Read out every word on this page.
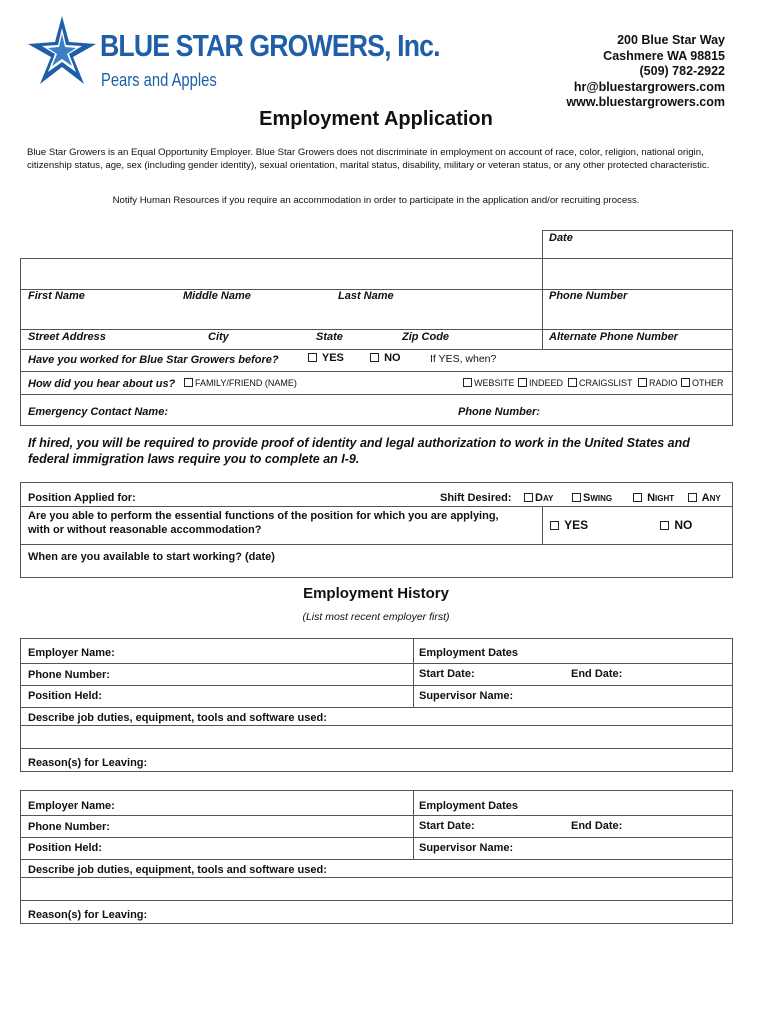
BLUE STAR GROWERS, Inc.
Pears and Apples
200 Blue Star Way
Cashmere WA 98815
(509) 782-2922
hr@bluestargrowers.com
www.bluestargrowers.com
Employment Application
Blue Star Growers is an Equal Opportunity Employer. Blue Star Growers does not discriminate in employment on account of race, color, religion, national origin, citizenship status, age, sex (including gender identity), sexual orientation, marital status, disability, military or veteran status, or any other protected characteristic.
Notify Human Resources if you require an accommodation in order to participate in the application and/or recruiting process.
Date
First Name	Middle Name	Last Name	Phone Number
Street Address	City	State	Zip Code	Alternate Phone Number
Have you worked for Blue Star Growers before?	YES	NO	If YES, when?
How did you hear about us?	FAMILY/FRIEND (NAME)	WEBSITE	INDEED	CRAIGSLIST	RADIO	OTHER
Emergency Contact Name:	Phone Number:
If hired, you will be required to provide proof of identity and legal authorization to work in the United States and federal immigration laws require you to complete an I-9.
Position Applied for:	Shift Desired:	Day	Swing	Night	Any
Are you able to perform the essential functions of the position for which you are applying, with or without reasonable accommodation?	YES	NO
When are you available to start working? (date)
Employment History
(List most recent employer first)
Employer Name:	Employment Dates
Phone Number:	Start Date:	End Date:
Position Held:	Supervisor Name:
Describe job duties, equipment, tools and software used:
Reason(s) for Leaving:
Employer Name:	Employment Dates
Phone Number:	Start Date:	End Date:
Position Held:	Supervisor Name:
Describe job duties, equipment, tools and software used:
Reason(s) for Leaving:
